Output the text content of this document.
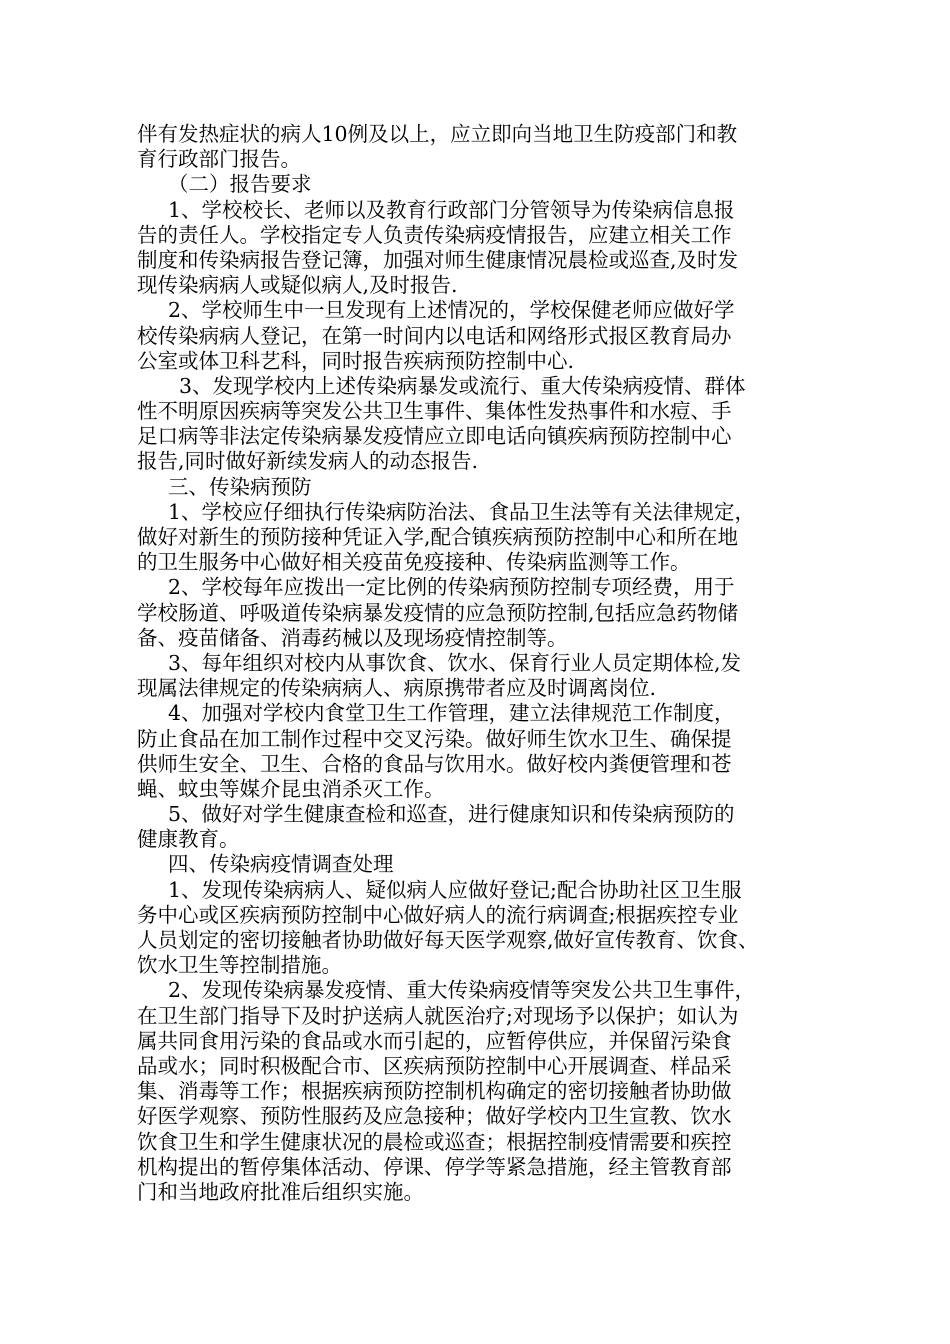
伴有发热症状的病人10例及以上，应立即向当地卫生防疫部门和教
育行政部门报告。
（二）报告要求
1、学校校长、老师以及教育行政部门分管领导为传染病信息报
告的责任人。学校指定专人负责传染病疫情报告，应建立相关工作
制度和传染病报告登记簿，加强对师生健康情况晨检或巡查,及时发
现传染病病人或疑似病人,及时报告.
2、学校师生中一旦发现有上述情况的，学校保健老师应做好学
校传染病病人登记，在第一时间内以电话和网络形式报区教育局办
公室或体卫科艺科，同时报告疾病预防控制中心.
3、发现学校内上述传染病暴发或流行、重大传染病疫情、群体
性不明原因疾病等突发公共卫生事件、集体性发热事件和水痘、手
足口病等非法定传染病暴发疫情应立即电话向镇疾病预防控制中心
报告,同时做好新续发病人的动态报告.
三、传染病预防
1、学校应仔细执行传染病防治法、食品卫生法等有关法律规定，
做好对新生的预防接种凭证入学,配合镇疾病预防控制中心和所在地
的卫生服务中心做好相关疫苗免疫接种、传染病监测等工作。
2、学校每年应拨出一定比例的传染病预防控制专项经费，用于
学校肠道、呼吸道传染病暴发疫情的应急预防控制,包括应急药物储
备、疫苗储备、消毒药械以及现场疫情控制等。
3、每年组织对校内从事饮食、饮水、保育行业人员定期体检,发
现属法律规定的传染病病人、病原携带者应及时调离岗位.
4、加强对学校内食堂卫生工作管理，建立法律规范工作制度，
防止食品在加工制作过程中交叉污染。做好师生饮水卫生、确保提
供师生安全、卫生、合格的食品与饮用水。做好校内粪便管理和苍
蝇、蚊虫等媒介昆虫消杀灭工作。
5、做好对学生健康查检和巡查，进行健康知识和传染病预防的
健康教育。
四、传染病疫情调查处理
1、发现传染病病人、疑似病人应做好登记;配合协助社区卫生服
务中心或区疾病预防控制中心做好病人的流行病调查;根据疾控专业
人员划定的密切接触者协助做好每天医学观察,做好宣传教育、饮食、
饮水卫生等控制措施。
2、发现传染病暴发疫情、重大传染病疫情等突发公共卫生事件，
在卫生部门指导下及时护送病人就医治疗;对现场予以保护；如认为
属共同食用污染的食品或水而引起的，应暂停供应，并保留污染食
品或水；同时积极配合市、区疾病预防控制中心开展调查、样品采
集、消毒等工作；根据疾病预防控制机构确定的密切接触者协助做
好医学观察、预防性服药及应急接种；做好学校内卫生宣教、饮水
饮食卫生和学生健康状况的晨检或巡查；根据控制疫情需要和疾控
机构提出的暂停集体活动、停课、停学等紧急措施，经主管教育部
门和当地政府批准后组织实施。
